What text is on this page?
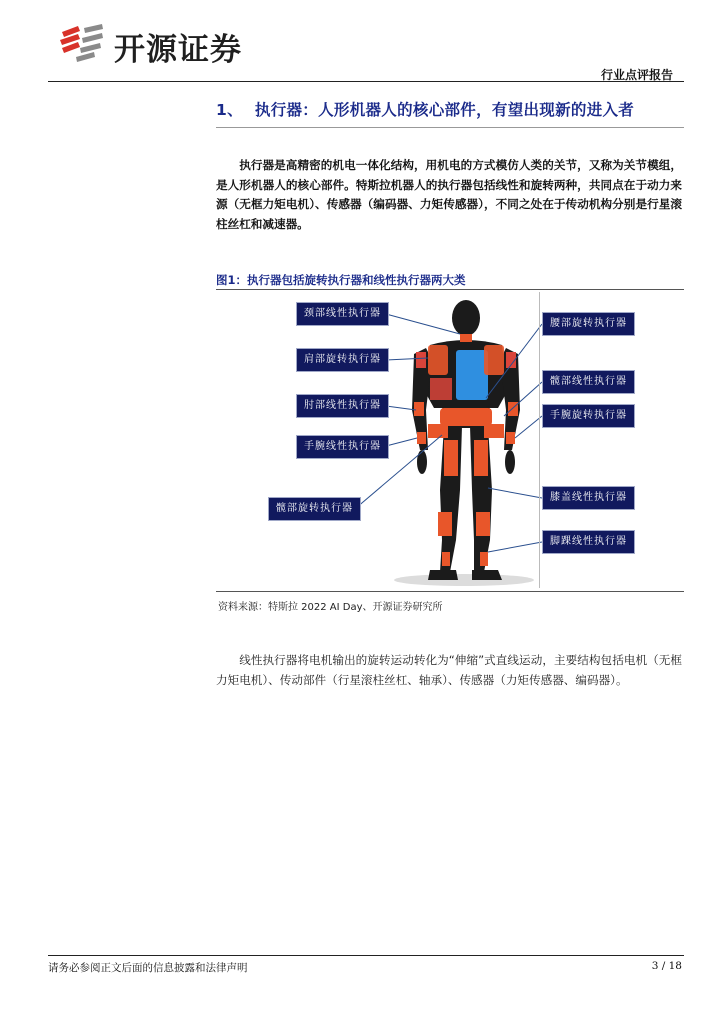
开源证券
行业点评报告
1、 执行器：人形机器人的核心部件，有望出现新的进入者
执行器是高精密的机电一体化结构，用机电的方式模仿人类的关节，又称为关节模组，是人形机器人的核心部件。特斯拉机器人的执行器包括线性和旋转两种，共同点在于动力来源（无框力矩电机）、传感器（编码器、力矩传感器），不同之处在于传动机构分别是行星滚柱丝杠和减速器。
图1：执行器包括旋转执行器和线性执行器两大类
颈部线性执行器
肩部旋转执行器
肘部线性执行器
手腕线性执行器
髋部旋转执行器
腰部旋转执行器
髋部线性执行器
手腕旋转执行器
膝盖线性执行器
脚踝线性执行器
资料来源：特斯拉 2022 AI Day、开源证券研究所
线性执行器将电机输出的旋转运动转化为“伸缩”式直线运动，主要结构包括电机（无框力矩电机）、传动部件（行星滚柱丝杠、轴承）、传感器（力矩传感器、编码器）。
请务必参阅正文后面的信息披露和法律声明	3 / 18
